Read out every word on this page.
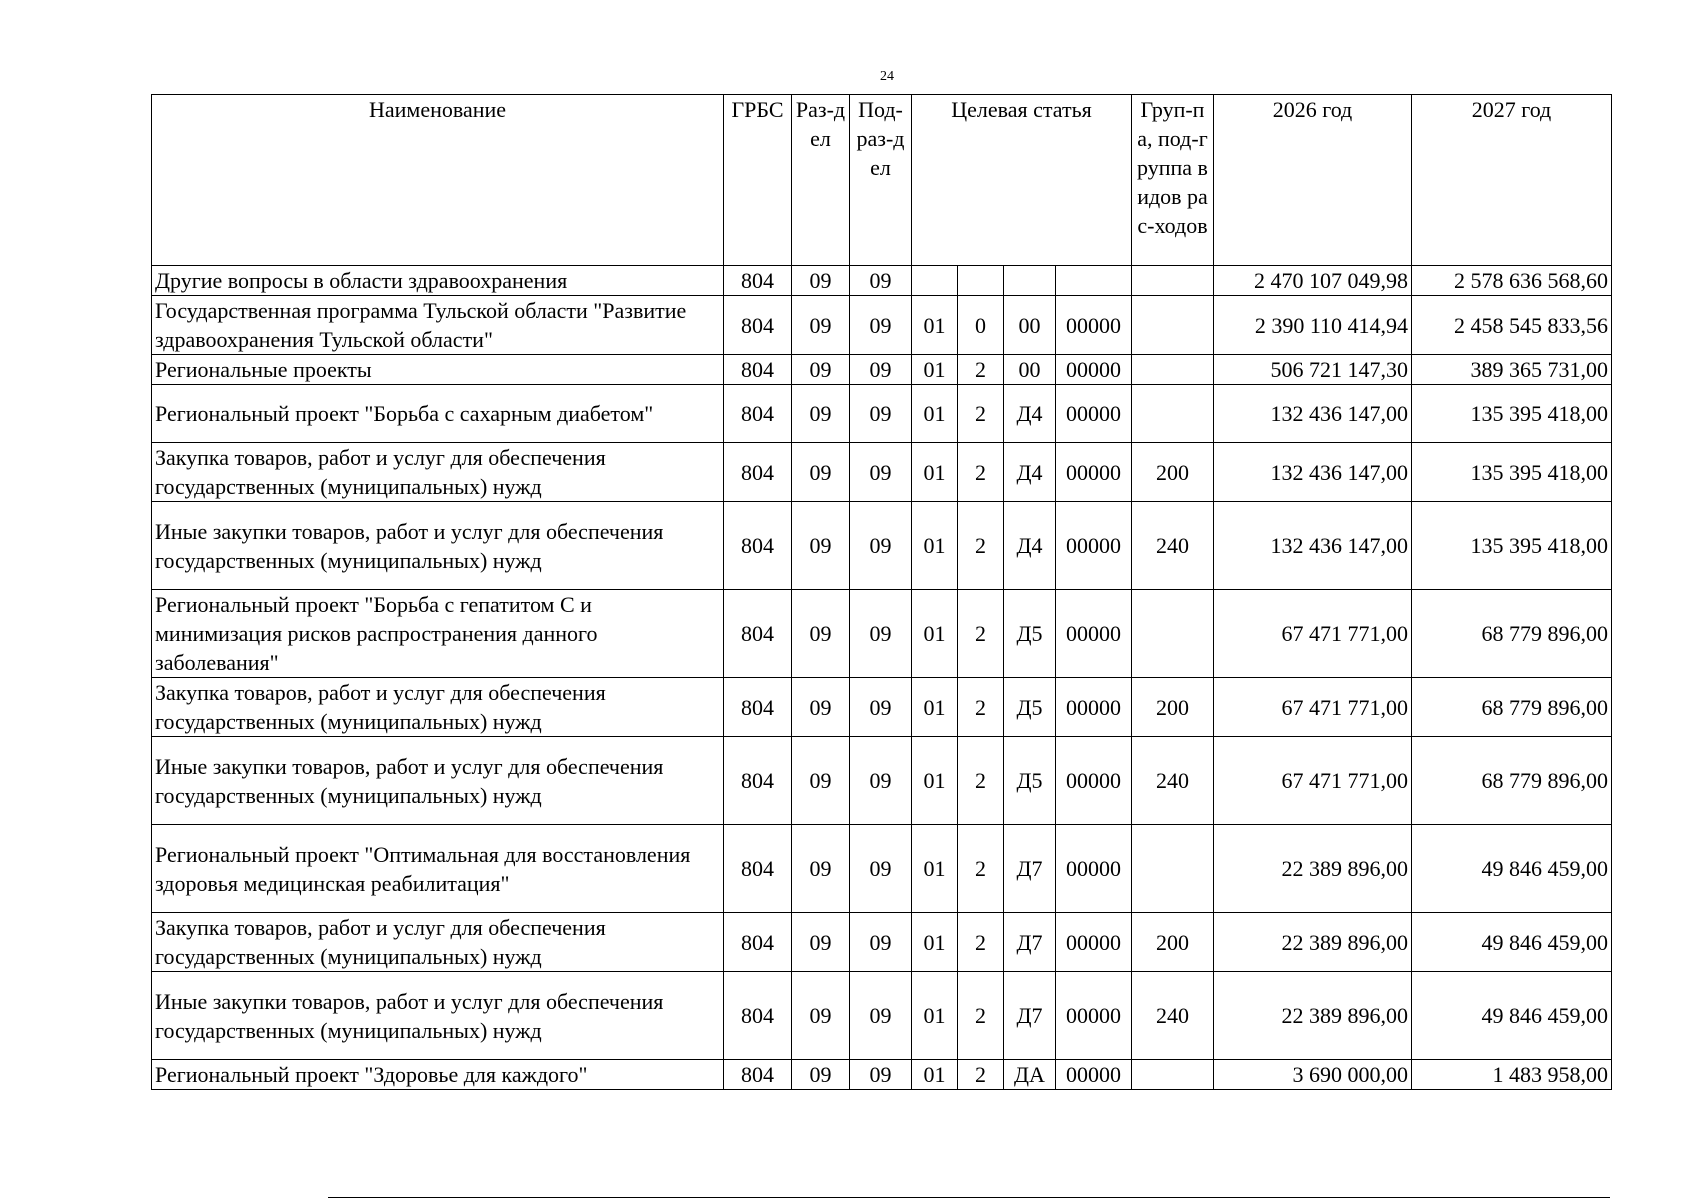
24
Наименование	ГРБС	Раз-дел	Под-раз-дел	Целевая статья				Груп-па, под-группа видов рас-ходов	2026 год	2027 год
Другие вопросы в области здравоохранения	804	09	09						2 470 107 049,98	2 578 636 568,60
Государственная программа Тульской области "Развитие здравоохранения Тульской области"	804	09	09	01	0	00	00000		2 390 110 414,94	2 458 545 833,56
Региональные проекты	804	09	09	01	2	00	00000		506 721 147,30	389 365 731,00
Региональный проект "Борьба с сахарным диабетом"	804	09	09	01	2	Д4	00000		132 436 147,00	135 395 418,00
Закупка товаров, работ и услуг для обеспечения государственных (муниципальных) нужд	804	09	09	01	2	Д4	00000	200	132 436 147,00	135 395 418,00
Иные закупки товаров, работ и услуг для обеспечения государственных (муниципальных) нужд	804	09	09	01	2	Д4	00000	240	132 436 147,00	135 395 418,00
Региональный проект "Борьба с гепатитом С и минимизация рисков распространения данного заболевания"	804	09	09	01	2	Д5	00000		67 471 771,00	68 779 896,00
Закупка товаров, работ и услуг для обеспечения государственных (муниципальных) нужд	804	09	09	01	2	Д5	00000	200	67 471 771,00	68 779 896,00
Иные закупки товаров, работ и услуг для обеспечения государственных (муниципальных) нужд	804	09	09	01	2	Д5	00000	240	67 471 771,00	68 779 896,00
Региональный проект "Оптимальная для восстановления здоровья медицинская реабилитация"	804	09	09	01	2	Д7	00000		22 389 896,00	49 846 459,00
Закупка товаров, работ и услуг для обеспечения государственных (муниципальных) нужд	804	09	09	01	2	Д7	00000	200	22 389 896,00	49 846 459,00
Иные закупки товаров, работ и услуг для обеспечения государственных (муниципальных) нужд	804	09	09	01	2	Д7	00000	240	22 389 896,00	49 846 459,00
Региональный проект "Здоровье для каждого"	804	09	09	01	2	ДА	00000		3 690 000,00	1 483 958,00
